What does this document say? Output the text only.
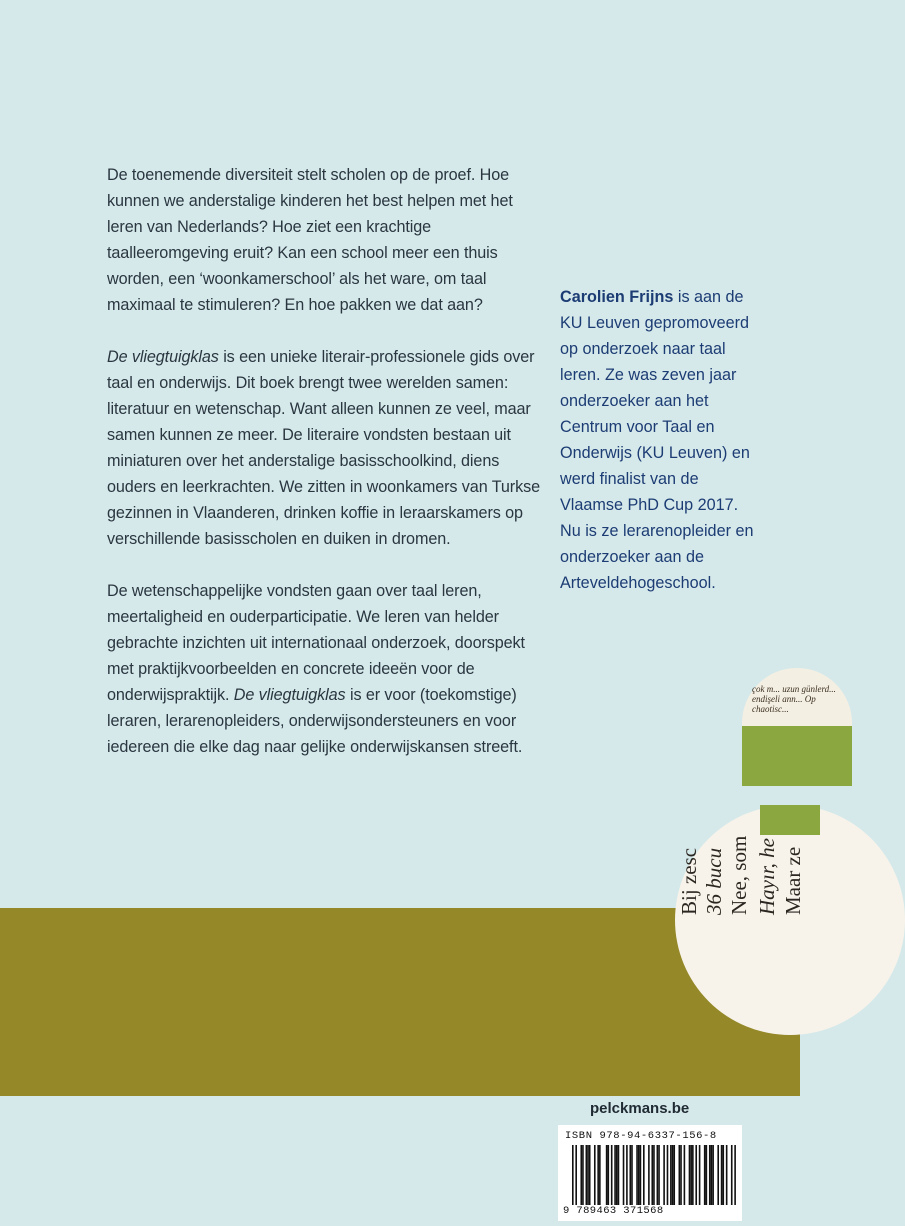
De toenemende diversiteit stelt scholen op de proef. Hoe kunnen we anderstalige kinderen het best helpen met het leren van Nederlands? Hoe ziet een krachtige taalleeromgeving eruit? Kan een school meer een thuis worden, een ‘woonkamerschool’ als het ware, om taal maximaal te stimuleren? En hoe pakken we dat aan?

De vliegtuigklas is een unieke literair-professionele gids over taal en onderwijs. Dit boek brengt twee werelden samen: literatuur en wetenschap. Want alleen kunnen ze veel, maar samen kunnen ze meer. De literaire vondsten bestaan uit miniaturen over het anderstalige basisschoolkind, diens ouders en leerkrachten. We zitten in woonkamers van Turkse gezinnen in Vlaanderen, drinken koffie in leraarskamers op verschillende basisscholen en duiken in dromen.

De wetenschappelijke vondsten gaan over taal leren, meertaligheid en ouderparticipatie. We leren van helder gebrachte inzichten uit internationaal onderzoek, doorspekt met praktijkvoorbeelden en concrete ideeën voor de onderwijspraktijk. De vliegtuigklas is er voor (toekomstige) leraren, lerarenopleiders, onderwijsondersteuners en voor iedereen die elke dag naar gelijke onderwijskansen streeft.

Carolien Frijns is aan de KU Leuven gepromoveerd op onderzoek naar taal leren. Ze was zeven jaar onderzoeker aan het Centrum voor Taal en Onderwijs (KU Leuven) en werd finalist van de Vlaamse PhD Cup 2017. Nu is ze lerarenopleider en onderzoeker aan de Arteveldehogeschool.
çok m... uzun günlerd... endişeli ann... Op chaotisc...
Bij zesc 36 bucu Nee, som Hayır, he Maar ze
pelckmans.be
ISBN 978-94-6337-156-8
9 789463 371568
